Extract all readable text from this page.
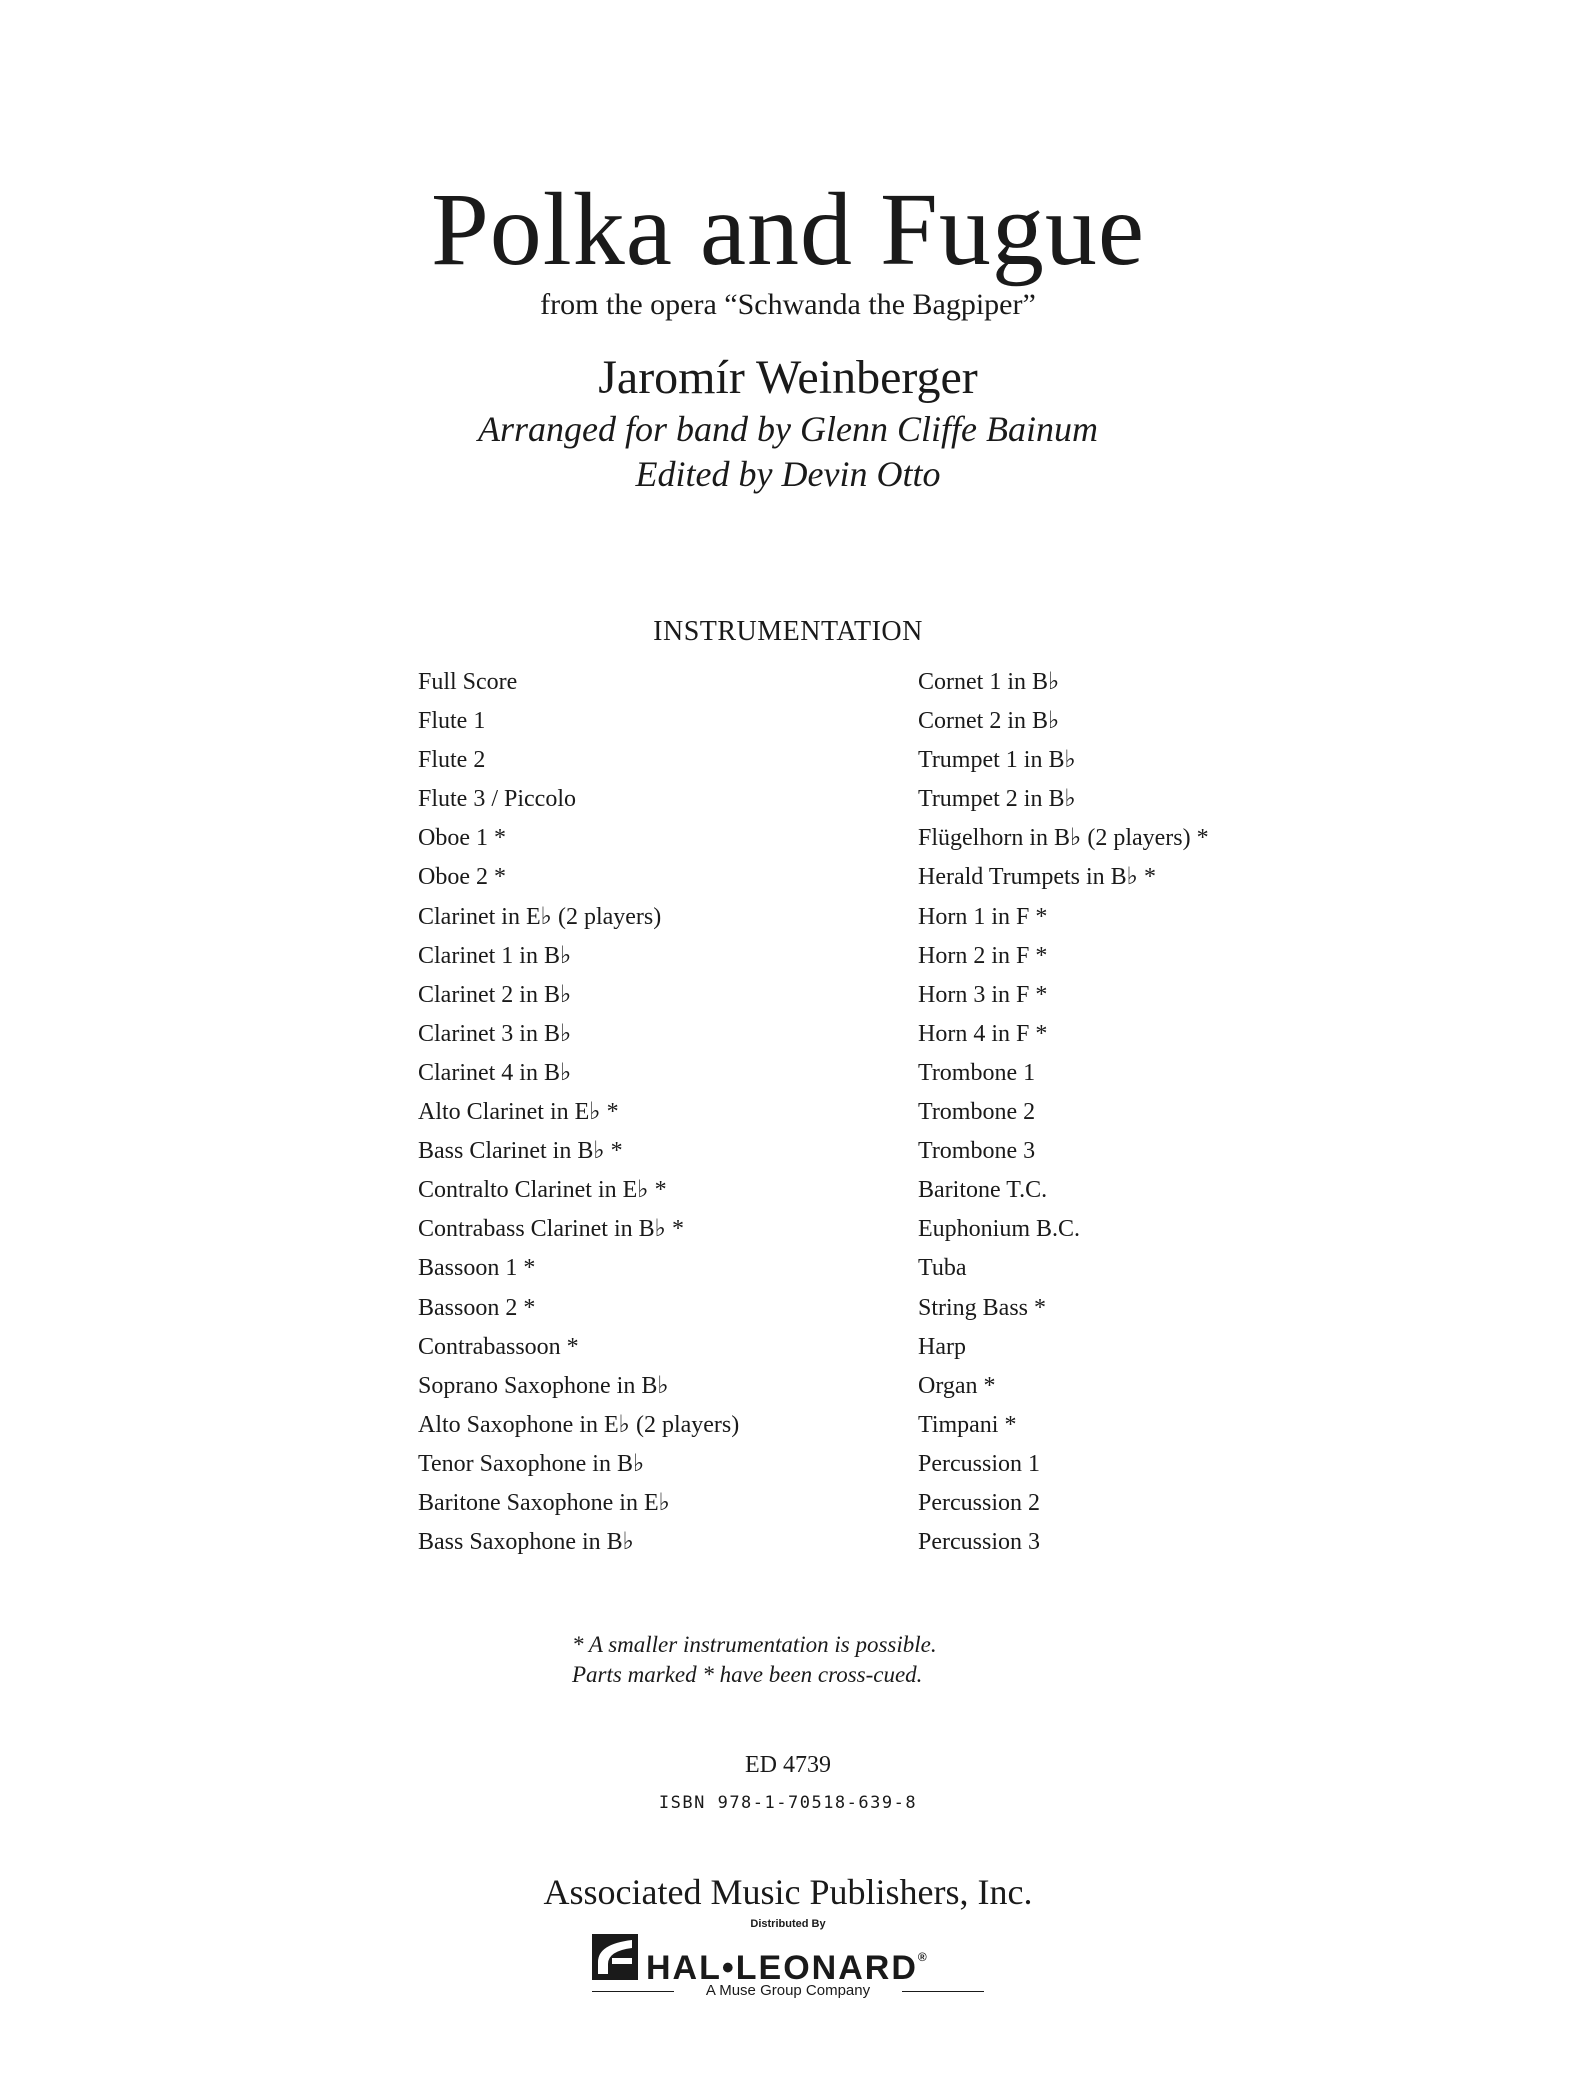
Polka and Fugue
from the opera “Schwanda the Bagpiper”
Jaromír Weinberger
Arranged for band by Glenn Cliffe Bainum
Edited by Devin Otto
INSTRUMENTATION
Full Score
Flute 1
Flute 2
Flute 3 / Piccolo
Oboe 1 *
Oboe 2 *
Clarinet in E♭ (2 players)
Clarinet 1 in B♭
Clarinet 2 in B♭
Clarinet 3 in B♭
Clarinet 4 in B♭
Alto Clarinet in E♭ *
Bass Clarinet in B♭ *
Contralto Clarinet in E♭ *
Contrabass Clarinet in B♭ *
Bassoon 1 *
Bassoon 2 *
Contrabassoon *
Soprano Saxophone in B♭
Alto Saxophone in E♭ (2 players)
Tenor Saxophone in B♭
Baritone Saxophone in E♭
Bass Saxophone in B♭
Cornet 1 in B♭
Cornet 2 in B♭
Trumpet 1 in B♭
Trumpet 2 in B♭
Flügelhorn in B♭ (2 players) *
Herald Trumpets in B♭ *
Horn 1 in F *
Horn 2 in F *
Horn 3 in F *
Horn 4 in F *
Trombone 1
Trombone 2
Trombone 3
Baritone T.C.
Euphonium B.C.
Tuba
String Bass *
Harp
Organ *
Timpani *
Percussion 1
Percussion 2
Percussion 3
* A smaller instrumentation is possible.
Parts marked * have been cross-cued.
ED 4739
ISBN 978-1-70518-639-8
Associated Music Publishers, Inc.
Distributed By
HAL•LEONARD®
A Muse Group Company
